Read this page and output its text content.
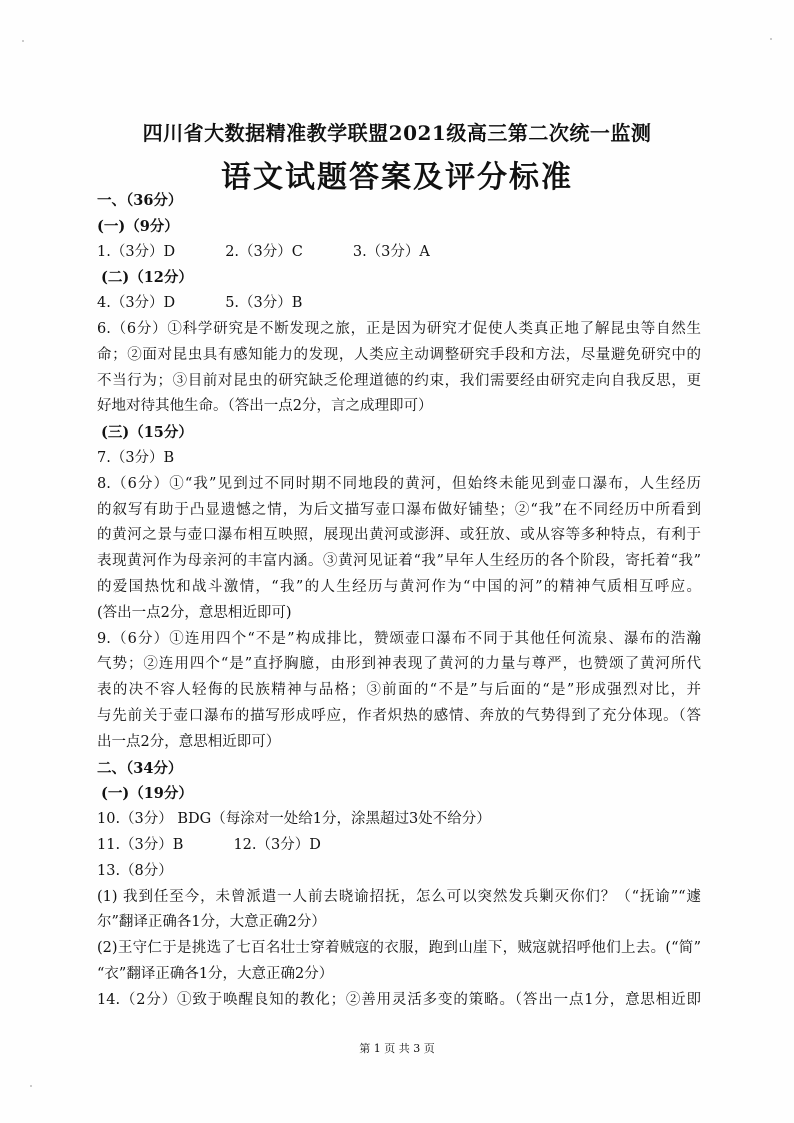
四川省大数据精准教学联盟2021级高三第二次统一监测
语文试题答案及评分标准
一、（36分）
(一)（9分）
1.（3分）D	2.（3分）C	3.（3分）A
(二)（12分）
4.（3分）D	5.（3分）B
6.（6分）①科学研究是不断发现之旅，正是因为研究才促使人类真正地了解昆虫等自然生
命；②面对昆虫具有感知能力的发现，人类应主动调整研究手段和方法，尽量避免研究中的
不当行为；③目前对昆虫的研究缺乏伦理道德的约束，我们需要经由研究走向自我反思，更
好地对待其他生命。（答出一点2分，言之成理即可）
(三)（15分）
7.（3分）B
8.（6分）①“我”见到过不同时期不同地段的黄河，但始终未能见到壶口瀑布，人生经历
的叙写有助于凸显遗憾之情，为后文描写壶口瀑布做好铺垫；②“我”在不同经历中所看到
的黄河之景与壶口瀑布相互映照，展现出黄河或澎湃、或狂放、或从容等多种特点，有利于
表现黄河作为母亲河的丰富内涵。③黄河见证着“我”早年人生经历的各个阶段，寄托着“我”
的爱国热忱和战斗激情，“我”的人生经历与黄河作为“中国的河”的精神气质相互呼应。
(答出一点2分，意思相近即可)
9.（6分）①连用四个“不是”构成排比，赞颂壶口瀑布不同于其他任何流泉、瀑布的浩瀚
气势；②连用四个“是”直抒胸臆，由形到神表现了黄河的力量与尊严，也赞颂了黄河所代
表的决不容人轻侮的民族精神与品格；③前面的“不是”与后面的“是”形成强烈对比，并
与先前关于壶口瀑布的描写形成呼应，作者炽热的感情、奔放的气势得到了充分体现。（答
出一点2分，意思相近即可）
二、（34分）
(一)（19分）
10.（3分） BDG（每涂对一处给1分，涂黑超过3处不给分）
11.（3分）B	12.（3分）D
13.（8分）
(1) 我到任至今，未曾派遣一人前去晓谕招抚，怎么可以突然发兵剿灭你们？（“抚谕”“遽
尔”翻译正确各1分，大意正确2分）
(2)王守仁于是挑选了七百名壮士穿着贼寇的衣服，跑到山崖下，贼寇就招呼他们上去。(“简”
“衣”翻译正确各1分，大意正确2分）
14.（2分）①致于唤醒良知的教化；②善用灵活多变的策略。（答出一点1分，意思相近即
第 1 页 共 3 页
